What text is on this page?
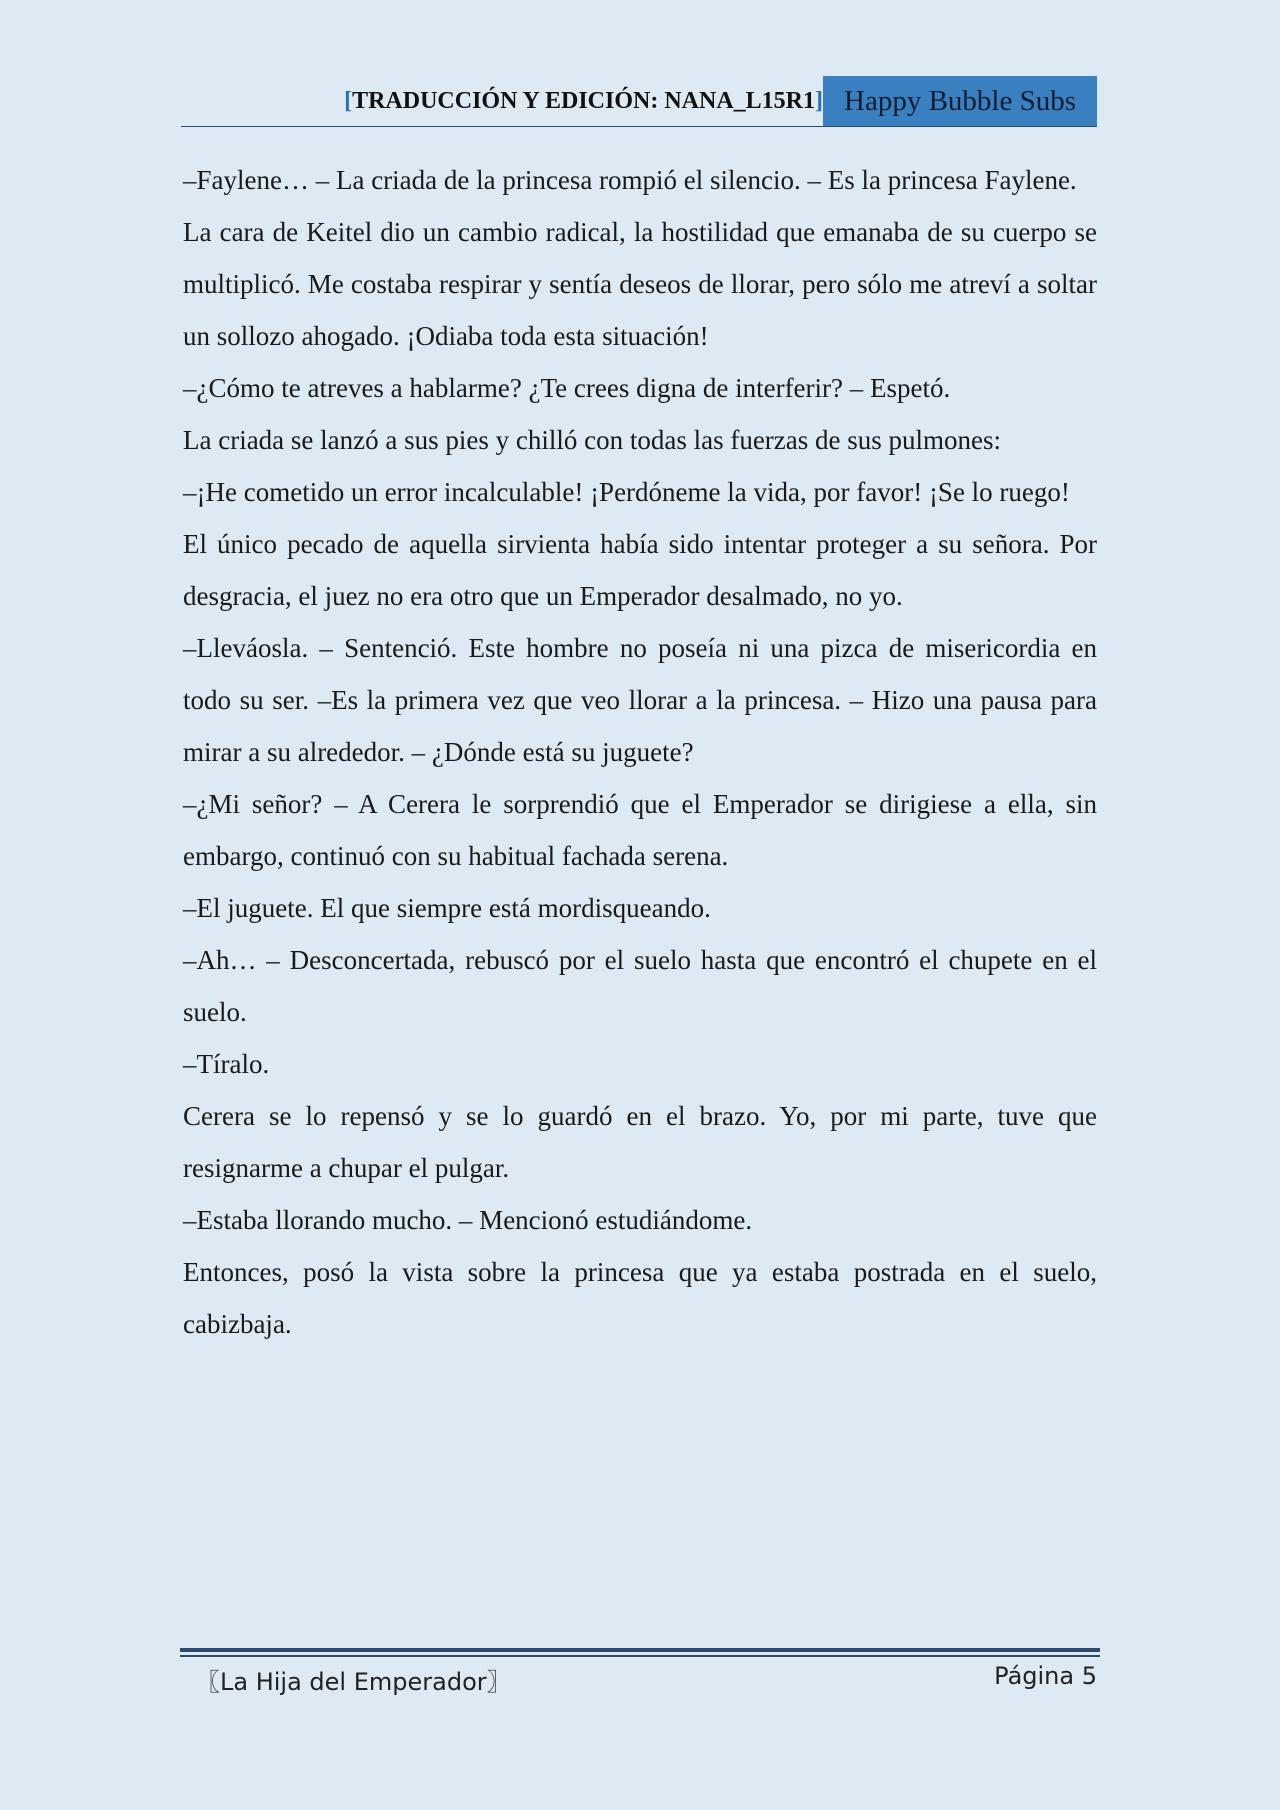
[TRADUCCIÓN Y EDICIÓN: NANA_L15R1] Happy Bubble Subs

–Faylene… – La criada de la princesa rompió el silencio. – Es la princesa Faylene.

La cara de Keitel dio un cambio radical, la hostilidad que emanaba de su cuerpo se multiplicó. Me costaba respirar y sentía deseos de llorar, pero sólo me atreví a soltar un sollozo ahogado. ¡Odiaba toda esta situación!

–¿Cómo te atreves a hablarme? ¿Te crees digna de interferir? – Espetó.

La criada se lanzó a sus pies y chilló con todas las fuerzas de sus pulmones:

–¡He cometido un error incalculable! ¡Perdóneme la vida, por favor! ¡Se lo ruego!

El único pecado de aquella sirvienta había sido intentar proteger a su señora. Por desgracia, el juez no era otro que un Emperador desalmado, no yo.

–Lleváosla. – Sentenció. Este hombre no poseía ni una pizca de misericordia en todo su ser. –Es la primera vez que veo llorar a la princesa. – Hizo una pausa para mirar a su alrededor. – ¿Dónde está su juguete?

–¿Mi señor? – A Cerera le sorprendió que el Emperador se dirigiese a ella, sin embargo, continuó con su habitual fachada serena.

–El juguete. El que siempre está mordisqueando.

–Ah… – Desconcertada, rebuscó por el suelo hasta que encontró el chupete en el suelo.

–Tíralo.

Cerera se lo repensó y se lo guardó en el brazo. Yo, por mi parte, tuve que resignarme a chupar el pulgar.

–Estaba llorando mucho. – Mencionó estudiándome.

Entonces, posó la vista sobre la princesa que ya estaba postrada en el suelo, cabizbaja.

〖La Hija del Emperador〗	Página 5
